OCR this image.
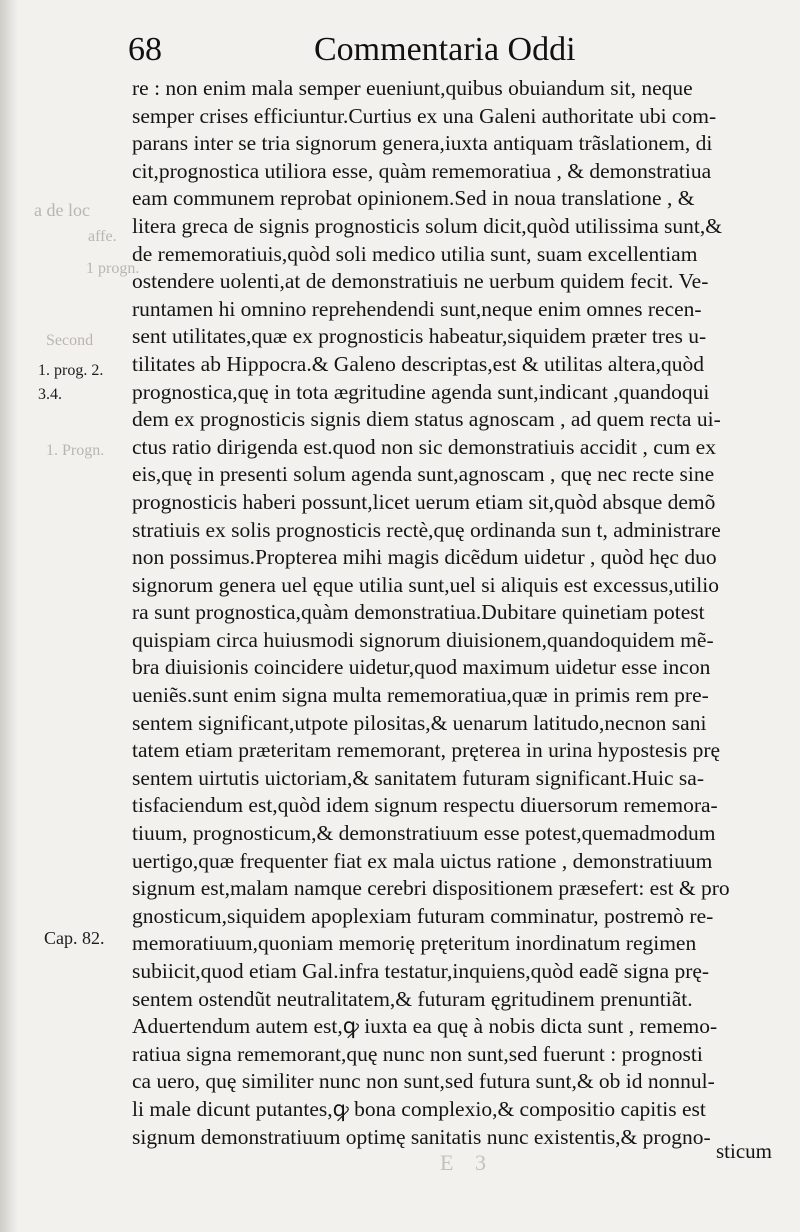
68	Commentaria Oddi
a de loc
affe.
1 progn.
Second
1. Progn.
E 3
1. prog. 2.
3.4.
Cap. 82.
re : non enim mala semper eueniunt,quibus obuiandum sit, neque
semper crises efficiuntur.Curtius ex una Galeni authoritate ubi com-
parans inter se tria signorum genera,iuxta antiquam trãslationem, di
cit,prognostica utiliora esse, quàm rememoratiua , & demonstratiua
eam communem reprobat opinionem.Sed in noua translatione , &
litera greca de signis prognosticis solum dicit,quòd utilissima sunt,&
de rememoratiuis,quòd soli medico utilia sunt, suam excellentiam
ostendere uolenti,at de demonstratiuis ne uerbum quidem fecit. Ve-
runtamen hi omnino reprehendendi sunt,neque enim omnes recen-
sent utilitates,quæ ex prognosticis habeatur,siquidem præter tres u-
tilitates ab Hippocra.& Galeno descriptas,est & utilitas altera,quòd
prognostica,quę in tota ægritudine agenda sunt,indicant ,quandoqui
dem ex prognosticis signis diem status agnoscam , ad quem recta ui-
ctus ratio dirigenda est.quod non sic demonstratiuis accidit , cum ex
eis,quę in presenti solum agenda sunt,agnoscam , quę nec recte sine
prognosticis haberi possunt,licet uerum etiam sit,quòd absque demõ
stratiuis ex solis prognosticis rectè,quę ordinanda sun t, administrare
non possimus.Propterea mihi magis dicẽdum uidetur , quòd hęc duo
signorum genera uel ęque utilia sunt,uel si aliquis est excessus,utilio
ra sunt prognostica,quàm demonstratiua.Dubitare quinetiam potest
quispiam circa huiusmodi signorum diuisionem,quandoquidem mẽ-
bra diuisionis coincidere uidetur,quod maximum uidetur esse incon
ueniẽs.sunt enim signa multa rememoratiua,quæ in primis rem pre-
sentem significant,utpote pilositas,& uenarum latitudo,necnon sani
tatem etiam præteritam rememorant, pręterea in urina hypostesis prę
sentem uirtutis uictoriam,& sanitatem futuram significant.Huic sa-
tisfaciendum est,quòd idem signum respectu diuersorum rememora-
tiuum, prognosticum,& demonstratiuum esse potest,quemadmodum
uertigo,quæ frequenter fiat ex mala uictus ratione , demonstratiuum
signum est,malam namque cerebri dispositionem præsefert: est & pro
gnosticum,siquidem apoplexiam futuram comminatur, postremò re-
memoratiuum,quoniam memorię pręteritum inordinatum regimen
subiicit,quod etiam Gal.infra testatur,inquiens,quòd eadẽ signa prę-
sentem ostendũt neutralitatem,& futuram ęgritudinem prenuntiãt.
Aduertendum autem est,ꝙ iuxta ea quę à nobis dicta sunt , rememo-
ratiua signa rememorant,quę nunc non sunt,sed fuerunt : prognosti
ca uero, quę similiter nunc non sunt,sed futura sunt,& ob id nonnul-
li male dicunt putantes,ꝙ bona complexio,& compositio capitis est
signum demonstratiuum optimę sanitatis nunc existentis,& progno-
sticum
